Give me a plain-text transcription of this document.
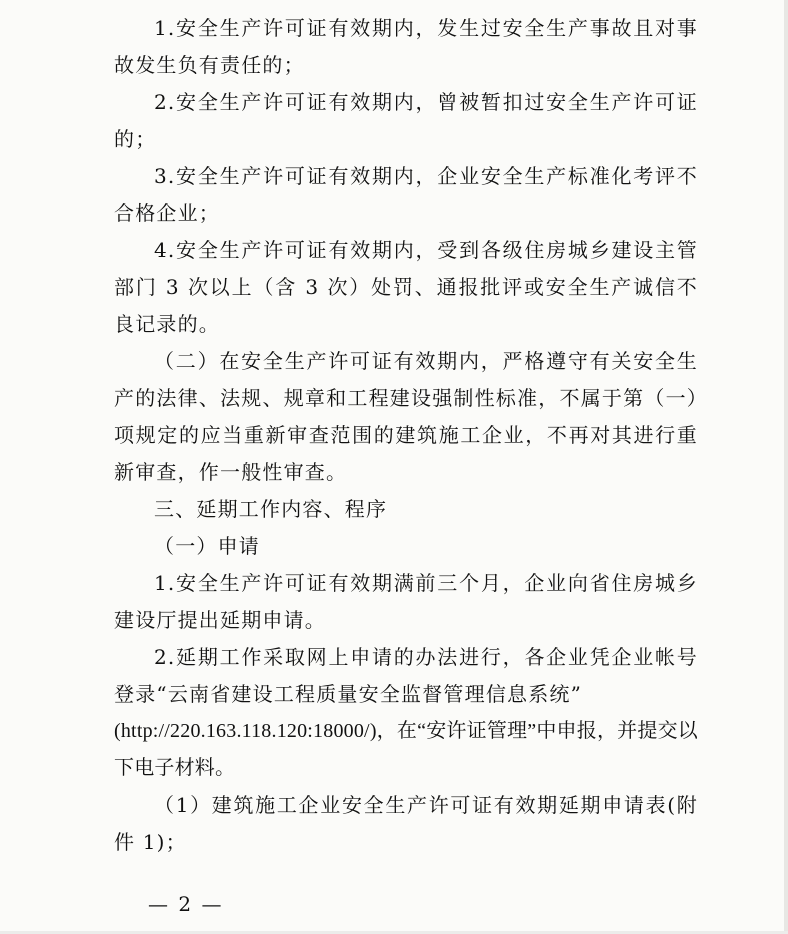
1.安全生产许可证有效期内，发生过安全生产事故且对事故发生负有责任的；

2.安全生产许可证有效期内，曾被暂扣过安全生产许可证的；

3.安全生产许可证有效期内，企业安全生产标准化考评不合格企业；

4.安全生产许可证有效期内，受到各级住房城乡建设主管部门 3 次以上（含 3 次）处罚、通报批评或安全生产诚信不良记录的。

（二）在安全生产许可证有效期内，严格遵守有关安全生产的法律、法规、规章和工程建设强制性标准，不属于第（一）项规定的应当重新审查范围的建筑施工企业，不再对其进行重新审查，作一般性审查。

三、延期工作内容、程序

（一）申请

1.安全生产许可证有效期满前三个月，企业向省住房城乡建设厅提出延期申请。

2.延期工作采取网上申请的办法进行，各企业凭企业帐号登录“云南省建设工程质量安全监督管理信息系统”

(http://220.163.118.120:18000/)，在“安许证管理”中申报，并提交以下电子材料。

（1）建筑施工企业安全生产许可证有效期延期申请表(附件 1)；

— 2 —
